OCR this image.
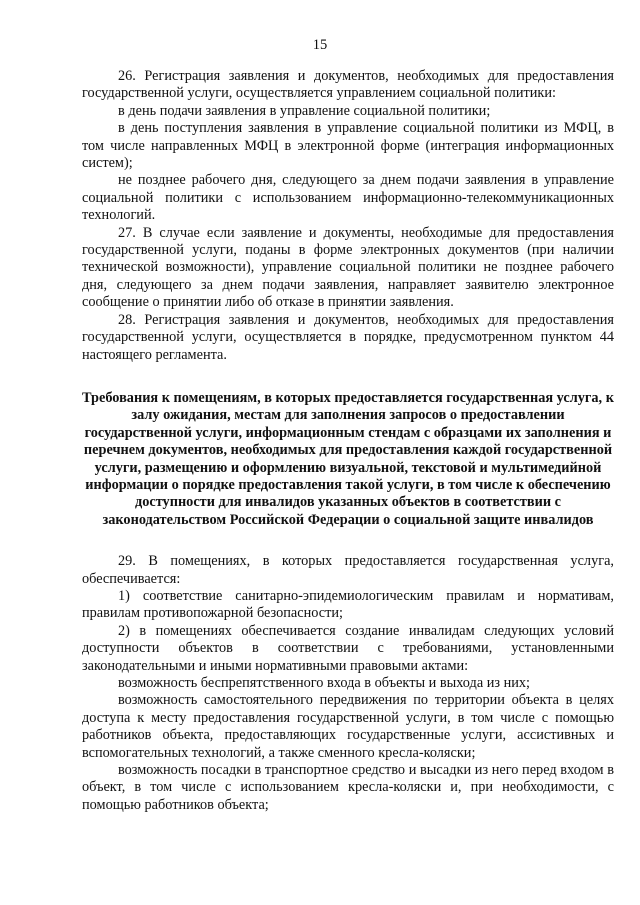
15

26. Регистрация заявления и документов, необходимых для предоставления государственной услуги, осуществляется управлением социальной политики:

в день подачи заявления в управление социальной политики;

в день поступления заявления в управление социальной политики из МФЦ, в том числе направленных МФЦ в электронной форме (интеграция информационных систем);

не позднее рабочего дня, следующего за днем подачи заявления в управление социальной политики с использованием информационно-телекоммуникационных технологий.

27. В случае если заявление и документы, необходимые для предоставления государственной услуги, поданы в форме электронных документов (при наличии технической возможности), управление социальной политики не позднее рабочего дня, следующего за днем подачи заявления, направляет заявителю электронное сообщение о принятии либо об отказе в принятии заявления.

28. Регистрация заявления и документов, необходимых для предоставления государственной услуги, осуществляется в порядке, предусмотренном пунктом 44 настоящего регламента.

Требования к помещениям, в которых предоставляется государственная услуга, к залу ожидания, местам для заполнения запросов о предоставлении государственной услуги, информационным стендам с образцами их заполнения и перечнем документов, необходимых для предоставления каждой государственной услуги, размещению и оформлению визуальной, текстовой и мультимедийной информации о порядке предоставления такой услуги, в том числе к обеспечению доступности для инвалидов указанных объектов в соответствии с законодательством Российской Федерации о социальной защите инвалидов

29. В помещениях, в которых предоставляется государственная услуга, обеспечивается:

1) соответствие санитарно-эпидемиологическим правилам и нормативам, правилам противопожарной безопасности;

2) в помещениях обеспечивается создание инвалидам следующих условий доступности объектов в соответствии с требованиями, установленными законодательными и иными нормативными правовыми актами:

возможность беспрепятственного входа в объекты и выхода из них;

возможность самостоятельного передвижения по территории объекта в целях доступа к месту предоставления государственной услуги, в том числе с помощью работников объекта, предоставляющих государственные услуги, ассистивных и вспомогательных технологий, а также сменного кресла-коляски;

возможность посадки в транспортное средство и высадки из него перед входом в объект, в том числе с использованием кресла-коляски и, при необходимости, с помощью работников объекта;
